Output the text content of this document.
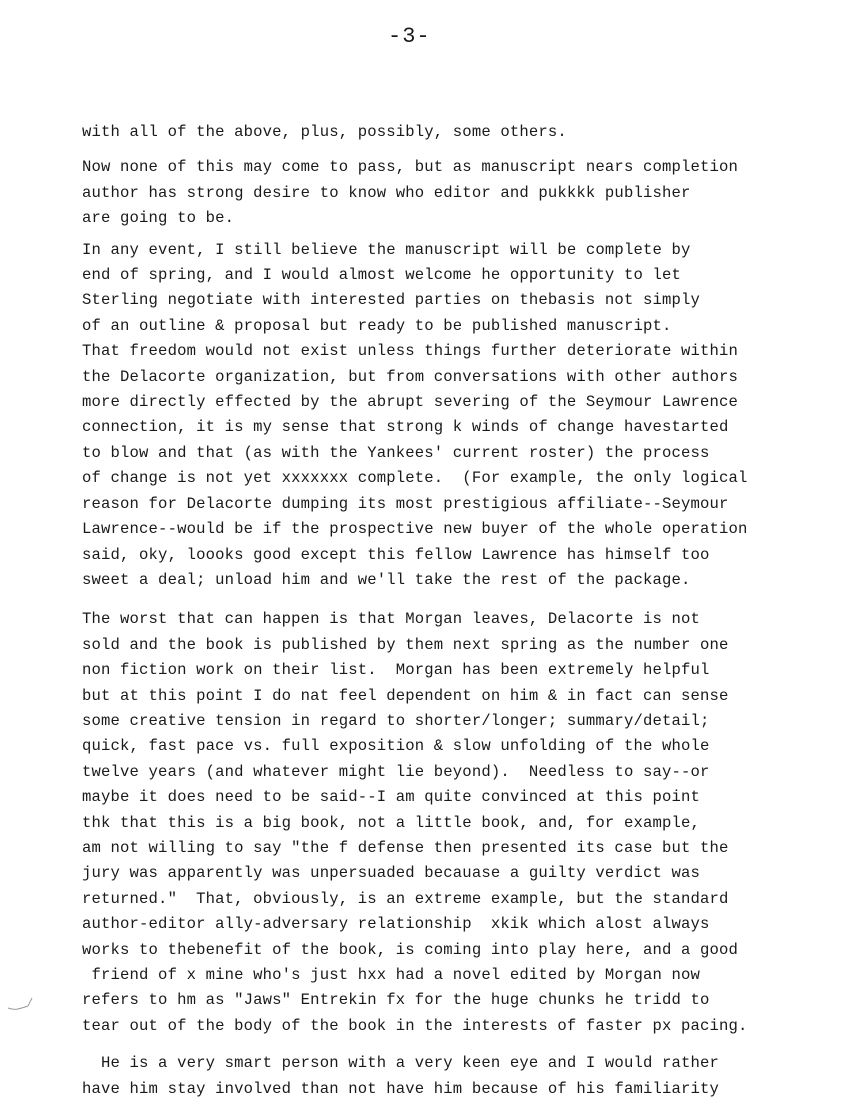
-3-
with all of the above, plus, possibly, some others.
Now none of this may come to pass, but as manuscript nears completion
author has strong desire to know who editor and pukkkk publisher
are going to be.
In any event, I still believe the manuscript will be complete by
end of spring, and I would almost welcome he opportunity to let
Sterling negotiate with interested parties on thebasis not simply
of an outline & proposal but ready to be published manuscript.
That freedom would not exist unless things further deteriorate within
the Delacorte organization, but from conversations with other authors
more directly effected by the abrupt severing of the Seymour Lawrence
connection, it is my sense that strong k winds of change havestarted
to blow and that (as with the Yankees' current roster) the process
of change is not yet xxxxxxx complete.  (For example, the only logical
reason for Delacorte dumping its most prestigious affiliate--Seymour
Lawrence--would be if the prospective new buyer of the whole operation
said, oky, loooks good except this fellow Lawrence has himself too
sweet a deal; unload him and we'll take the rest of the package.
The worst that can happen is that Morgan leaves, Delacorte is not
sold and the book is published by them next spring as the number one
non fiction work on their list.  Morgan has been extremely helpful
but at this point I do nat feel dependent on him & in fact can sense
some creative tension in regard to shorter/longer; summary/detail;
quick, fast pace vs. full exposition & slow unfolding of the whole
twelve years (and whatever might lie beyond).  Needless to say--or
maybe it does need to be said--I am quite convinced at this point
thk that this is a big book, not a little book, and, for example,
am not willing to say "the f defense then presented its case but the
jury was apparently was unpersuaded becauase a guilty verdict was
returned."  That, obviously, is an extreme example, but the standard
author-editor ally-adversary relationship  xkik which alost always
works to thebenefit of the book, is coming into play here, and a good
friend of x mine who's just hxx had a novel edited by Morgan now
refers to hm as "Jaws" Entrekin fx for the huge chunks he tridd to
tear out of the body of the book in the interests of faster px pacing.
He is a very smart person with a very keen eye and I would rather
have him stay involved than not have him because of his familiarity
